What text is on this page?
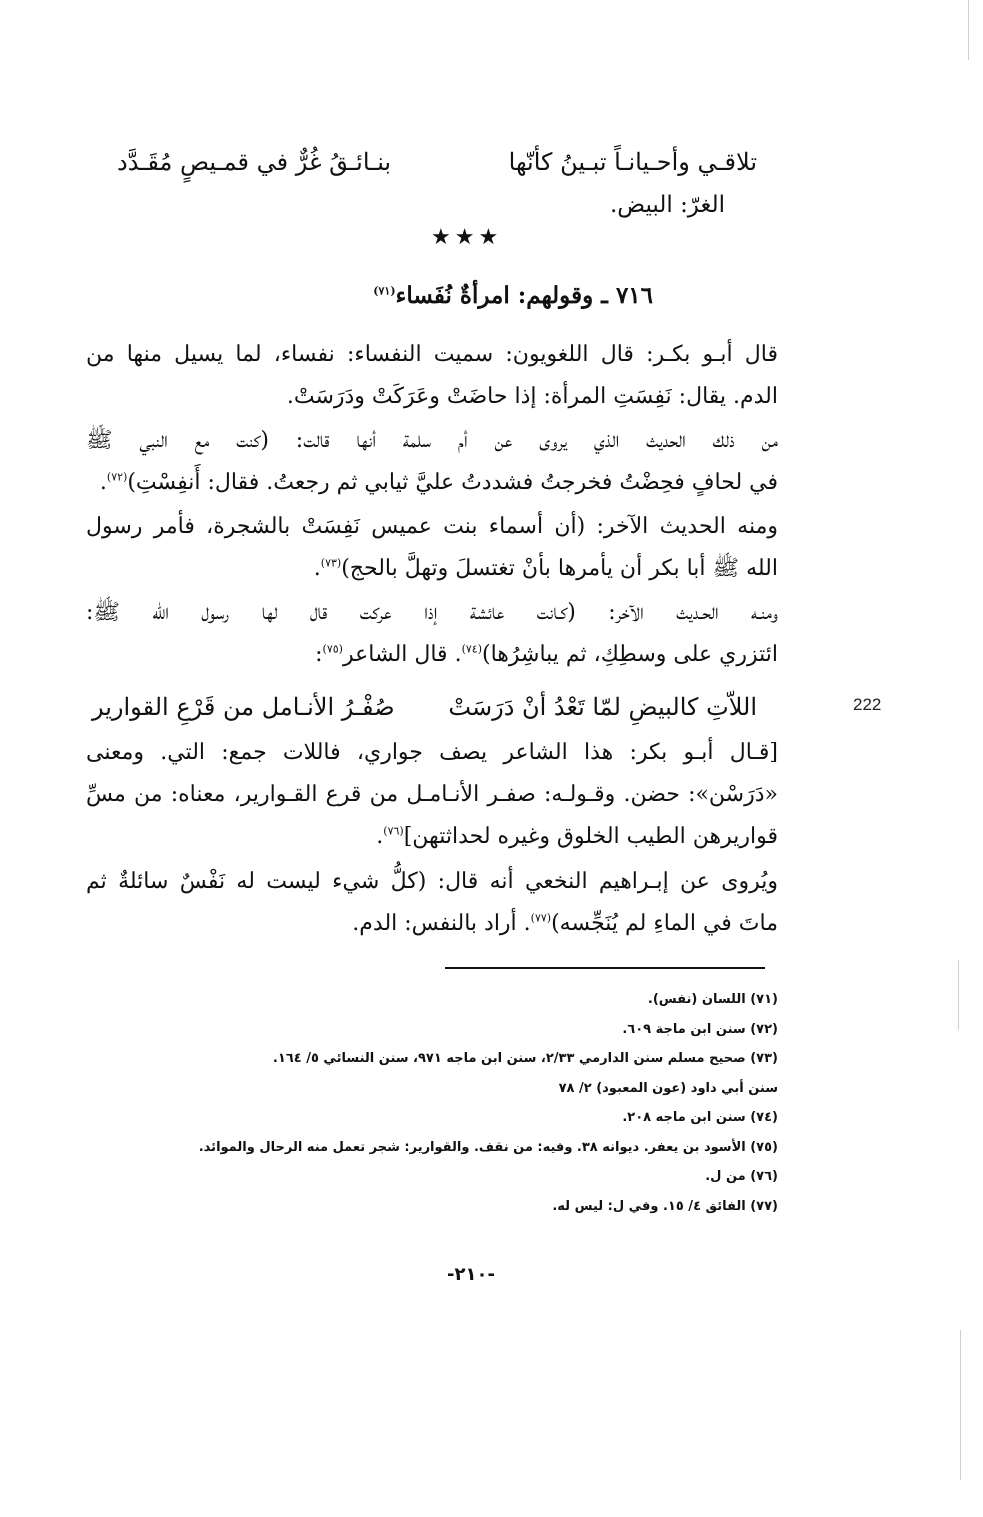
تلاقـي وأحـيانـاً تبـينُ كأنّها
بنـائـقُ غُرٌّ في قمـيصٍ مُقَـدَّد
الغرّ: البيض.
★★★
٧١٦ ـ وقولهم: امرأةٌ نُفَساء$^{(٧١)}$
قال أبـو بكـر: قال اللغويون: سميت النفساء: نفساء، لما يسيل منها من
الدم. يقال: نَفِسَتِ المرأة: إذا حاضَتْ وعَرَكَتْ ودَرَسَتْ.
من ذلك الحديث الذي يروى عن أم سلمة أنها قالت: (كنت مع النبي ﷺ
في لحافٍ فحِضْتُ فخرجتُ فشددتُ عليَّ ثيابي ثم رجعتُ. فقال: أَنفِسْتِ)$^{(٧٢)}$.
ومنه الحديث الآخر: (أن أسماء بنت عميس نَفِسَتْ بالشجرة، فأمر رسول
الله ﷺ أبا بكر أن يأمرها بأنْ تغتسلَ وتهلَّ بالحج)$^{(٧٣)}$.
ومنـه الحـديث الآخر: (كـانت عائشة إذا عركت قال لها رسول الله ﷺ:
ائتزري على وسطِكِ، ثم يباشِرُها)$^{(٧٤)}$. قال الشاعر$^{(٧٥)}$:
اللاّتِ كالبيضِ لمّا تَعْدُ أنْ دَرَسَتْ
صُفْـرُ الأنـامل من قَرْعِ القوارير	222
[قـال أبـو بكر: هذا الشاعر يصف جواري، فاللات جمع: التي. ومعنى
«دَرَسْن»: حضن. وقـولـه: صفـر الأنـامـل من قرع القـوارير، معناه: من مسِّ
قواريرهن الطيب الخلوق وغيره لحداثتهن]$^{(٧٦)}$.
ويُروى عن إبـراهيم النخعي أنه قال: (كلُّ شيء ليست له نَفْسٌ سائلةٌ ثم
ماتَ في الماءِ لم يُنَجِّسه)$^{(٧٧)}$. أراد بالنفس: الدم.
(٧١) اللسان (نفس).
(٧٢) سنن ابن ماجة ٦٠٩.
(٧٣) صحيح مسلم سنن الدارمي ٢/٣٣، سنن ابن ماجه ٩٧١، سنن النسائي ٥/ ١٦٤.
سنن أبي داود (عون المعبود) ٢/ ٧٨
(٧٤) سنن ابن ماجه ٢٠٨.
(٧٥) الأسود بن يعفر. ديوانه ٣٨. وفيه: من نقف. والقوارير: شجر تعمل منه الرحال والموائد.
(٧٦) من ل.
(٧٧) الفائق ٤/ ١٥. وفي ل: ليس له.
-٢١٠-
